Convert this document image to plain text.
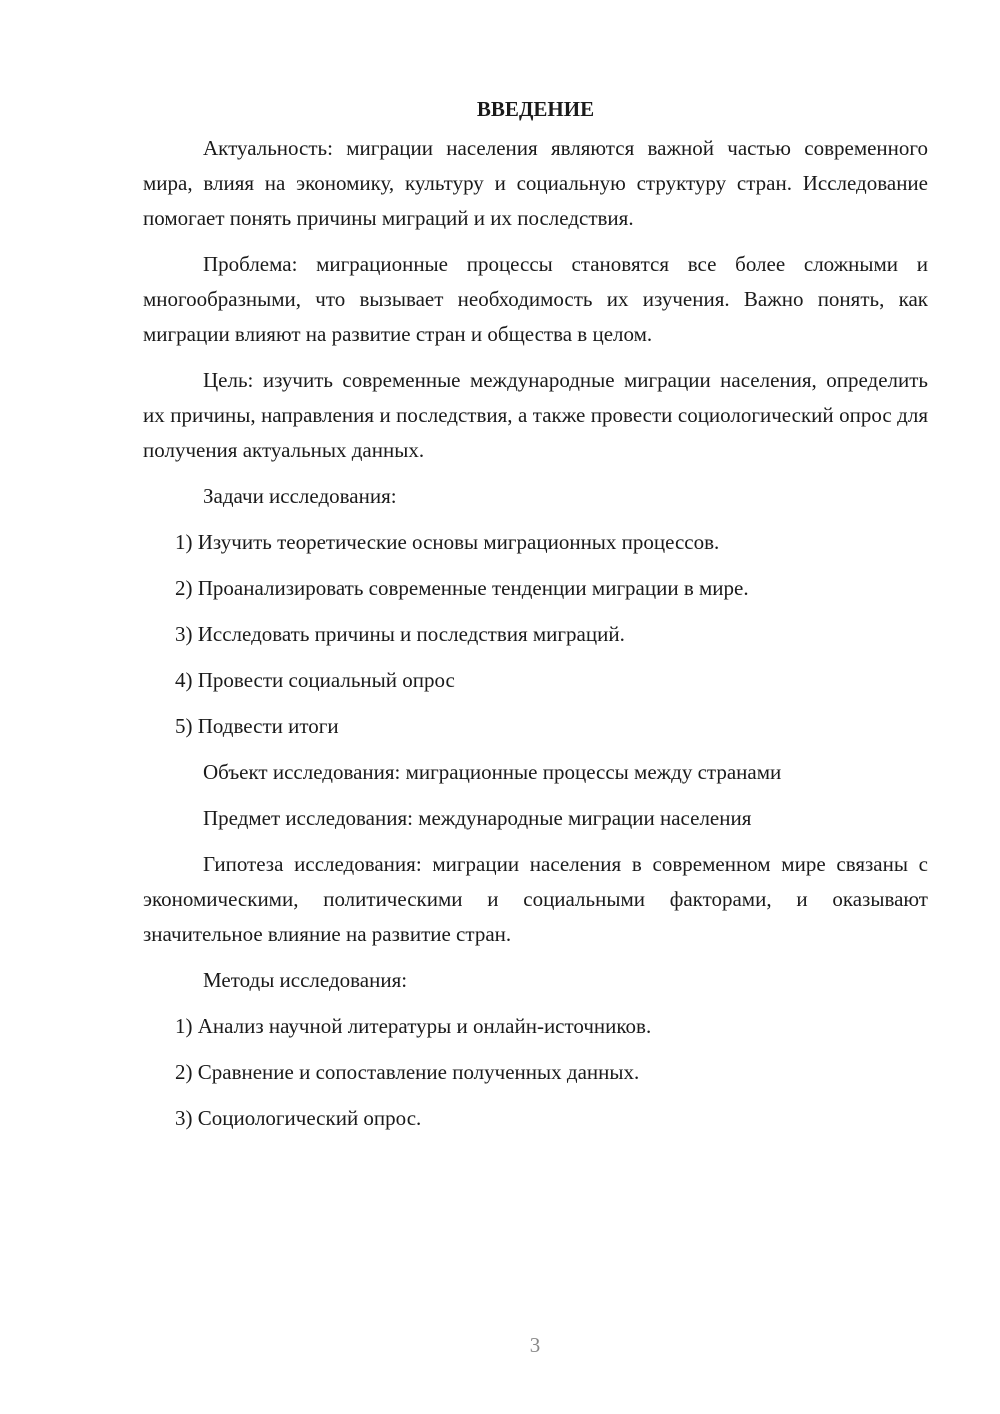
ВВЕДЕНИЕ

Актуальность: миграции населения являются важной частью современного мира, влияя на экономику, культуру и социальную структуру стран. Исследование помогает понять причины миграций и их последствия.

Проблема: миграционные процессы становятся все более сложными и многообразными, что вызывает необходимость их изучения. Важно понять, как миграции влияют на развитие стран и общества в целом.

Цель: изучить современные международные миграции населения, определить их причины, направления и последствия, а также провести социологический опрос для получения актуальных данных.

Задачи исследования:

1) Изучить теоретические основы миграционных процессов.

2) Проанализировать современные тенденции миграции в мире.

3) Исследовать причины и последствия миграций.

4) Провести социальный опрос

5) Подвести итоги

Объект исследования: миграционные процессы между странами

Предмет исследования: международные миграции населения

Гипотеза исследования: миграции населения в современном мире связаны с экономическими, политическими и социальными факторами, и оказывают значительное влияние на развитие стран.

Методы исследования:

1) Анализ научной литературы и онлайн-источников.

2) Сравнение и сопоставление полученных данных.

3) Социологический опрос.

3
